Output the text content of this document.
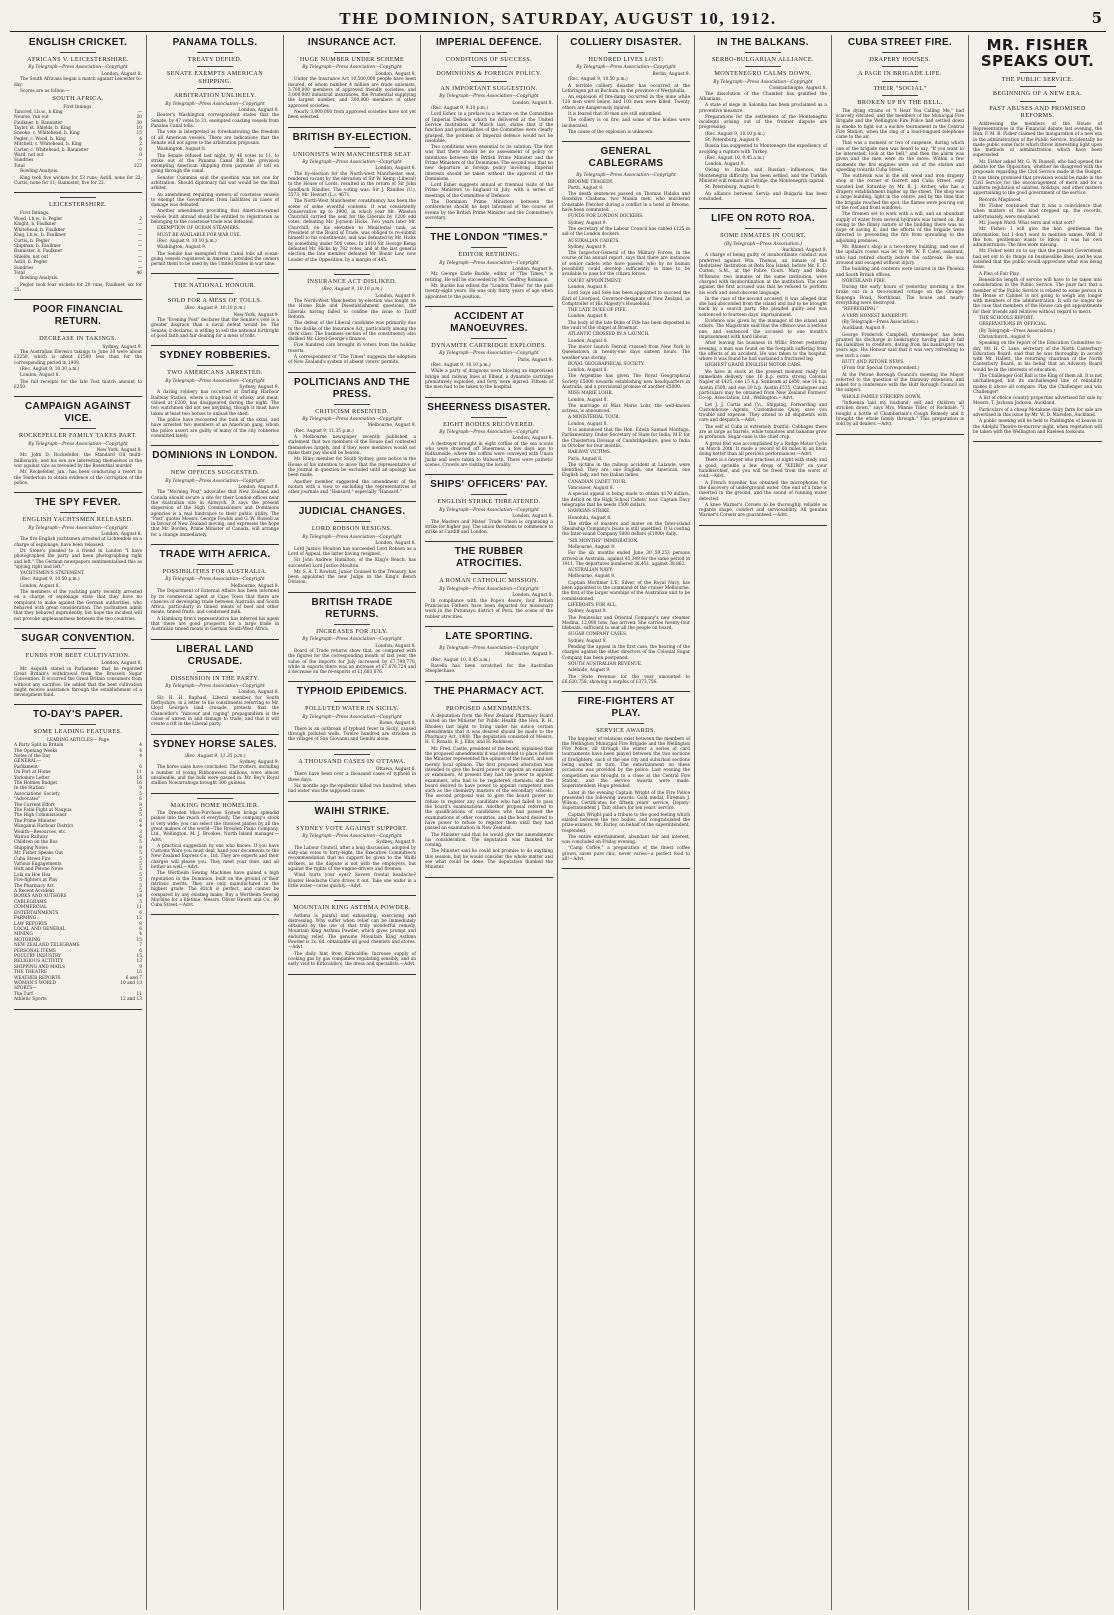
THE DOMINION, SATURDAY, AUGUST 10, 1912.	5
ENGLISH CRICKET.
AFRICANS V. LEICESTERSHIRE.
By Telegraph—Press Association—Copyright
London, August 8.

The South Africans began a match against Leicester to-day.

Scores are as follow:—

SOUTH AFRICA.
First Innings.
Tancred, l.b.w., b King	—
Nourse, run out	20
Faulkner, b. Bannister	30
Taylor, st. Shields, b. King	10
Snooke, c. Whitehead, b. King	15
Pegler, c. Wood, b. King	4
Mitchell, c. Whitehead, b. King	2
Carter, c. Whitehead, b. Bannister	0
Ward, not out	0
Sundries	—
Total	123

Bowling Analysis.

King took five wickets for 53 runs; Astill, none for 22; Curtis, none for 11; Bannister, five for 22.

LEICESTERSHIRE.

First Innings.

Wood, l.b.w., b. Pegler	2
Knight, b. Faulkner	—
Whitehead, b. Faulkner	—
King, l.b.w., b. Faulkner	—
Curtis, b. Pegler	—
Shipman, b. Faulkner	—
Bannister, b. Faulkner	—
Shields, not out	—
Astill, b. Pegler	—
Sundries	—
Total	46

Bowling Analysis.

Pegler took four wickets for 20 runs; Faulkner, six for 25.

POOR FINANCIAL RETURN.
DECREASE IN TAKINGS.
Sydney, August 9.

The Australian Eleven's takings to June 30 were about £3250, which is about £1500 less than for the corresponding period in 1909.

(Rec. August 9, 10.30 a.m.)

London, August 8.

The full receipts for the late Test match amount to £250.

CAMPAIGN AGAINST VICE.
ROCKEFELLER FAMILY TAKES PART.
By Telegraph—Press Association—Copyright
New York, August 8.

Mr. John D. Rockefeller, the Standard Oil multi-millionaire, and his son are interesting themselves in the war against vice as revealed by the Rosenthal murder.

Mr. Rockefeller, jun., has been conducting a resort in the Tenderloin to obtain evidence of the corruption of the police.

THE SPY FEVER.
ENGLISH YACHTSMEN RELEASED.
By Telegraph—Press Association—Copyright
London, August 8.

The five English yachtsmen arrested at Lichtenfels on a charge of espionage, have been released.

Dr. Stone's pleaded to a friend in London "I have photographed the party and been photographing right and left." The German newspapers sentimentalised this as "spying right and left."

YACHTSMEN'S STATEMENT.

(Rec. August 9, 10.50 p.m.)

London, August 8.

The members of the yachting party recently arrested on a charge of espionage state that they have no complaint to make against the German authorities, who behaved with great consideration. The yachtsmen admit that they behaved imprudently, but hope the incident will not provoke unpleasantness between the two countries.

SUGAR CONVENTION.
FUNDS FOR BEET CULTIVATION.
London, August 8.

Mr. Asquith stated in Parliament that he regarded Great Britain's withdrawal from the Brussels Sugar Convention. It occurred the Great Britain consumers from without any sacrifice. He added that the beet cultivation might receive assistance through the establishment of a development fund.

TO-DAY'S PAPER.
SOME LEADING FEATURES.
LEADING ARTICLES— Page
A Party Split in Britain	4
The Opening Weeks	4
Notes of the Day	4
GENERAL—
Parliament	6
On Port at Home	11
Yorkshire Letter	14
The Holmes Budget	16
In the Station	9
Associations' Society	5
"Advocates"	6
The Current Effort	8
The Fatal Fight at Naupua	5
The High Commissioner	5
The Prime Minister	6
Wanganui Harbour District	4
Wealth—Resources, etc.	3
Wairau Railway	6
Children on the Bus	5
Shipping Notes	9
Mr. Fisher Speaks Out	5
Cuba Street Fire	5
Various Engagements	5
Hutt and Petone News	5
Lola on Hoe Hoa	5
Fire-fighters at Play	5
The Pharmacy Act	5
A Recent Accident	5
BOOKS AND AUTHORS	14
CABLEGRAMS	5
COMMERCIAL	11
ENTERTAINMENTS	6
FARMING	12
LAW REPORTS	8
LOCAL AND GENERAL	6
MINING	4
MOTORING	15
NEW ZEALAND TELEGRAMS	7
PERSONAL ITEMS	6
POULTRY INDUSTRY	15
RELIGIOUS ACTIVITY	13
SHIPPING AND MAILS	9
THE THEATRE	15
WEATHER REPORTS	6 and 7
WOMAN'S WORLD	10 and 13
SPORTS—
The Turf	11
Athletic Sports	12 and 13
PANAMA TOLLS.
TREATY DEFIED.
SENATE EXEMPTS AMERICAN SHIPPING.
ARBITRATION UNLIKELY.
By Telegraph—Press Association—Copyright
London, August 8.

Reuter's Washington correspondent states that the Senate, by 47 votes to 31, exempted coasting vessels from Panama Canal tolls.

The vote is interpreted as foreshadowing the freedom of all American vessels. There are indications that the Senate will not agree to the arbitration proposals.

Washington, August 8.

The Senate refused last night, by 46 votes to 11, to strike out of the Panama Canal Bill the provision exempting American shipping from payment of toll on going through the canal.

Senator Cummins said the question was not one for arbitration. Should diplomacy fail war would be the final arbiter.

An amendment requiring owners of coastwise vessels to exempt the Government from liabilities in cases of damage was defeated.

Another amendment providing that American-owned vessels built abroad should be entitled to registration as belonging to the coastwise trade was defeated.

EXEMPTION OF OCEAN STEAMERS.

MUST BE AVAILABLE FOR WAR USE.

(Rec. August 9, 10.10 p.m.)

Washington, August 9.

The Senate has exempted from Canal tolls all ocean-going vessels registered in America, provided the owners permit them to be used by the United States in war time.

THE NATIONAL HONOUR.
SOLD FOR A MESS OF TOLLS.
(Rec. August 9, 10.10 p.m.)
New York, August 9.

The "Evening Post" declares that the Senate's vote is a greater disgrace than a naval defeat would be. The Senate, it declares, is willing to sell the national birthright of good faith and fair dealing for a mess of tolls.

SYDNEY ROBBERIES.
TWO AMERICANS ARRESTED.
By Telegraph—Press Association—Copyright
Sydney, August 9.

A daring robbery has occurred at Darling Harbour Railway Station, where a drug-load of whisky and meat, valued at £200, has disappeared during the night. The two watchmen did not see anything, though it must have taken at least two horses to unload the shed.

The police have recovered the bulk of the skins, and have arrested two members of an American gang, whom the police assert are guilty of many of the city robberies committed lately.

DOMINIONS IN LONDON.
NEW OFFICES SUGGESTED.
By Telegraph—Press Association—Copyright
London, August 8.

The "Morning Post" advocates that New Zealand and Canada should secure a site for their London offices near the Australian site in Aldwych. It says the present dispersion of the High Commissioners and Dominions agencies is a real hindrance to their public utility. The "Post" quotes Messrs. George Fowlds and G. W. Russell as in favour of New Zealand moving, and expresses the hope that Mr. Borden, Prime Minister of Canada, will arrange for a change immediately.

TRADE WITH AFRICA.
POSSIBILITIES FOR AUSTRALIA.
By Telegraph—Press Association—Copyright
Melbourne, August 8.

The Department of External Affairs has been informed by its commercial agent at Cape Town that there are chances of developing trade between Australia and South Africa, particularly in tinned meats of beef and other meats, tinned fruits, and condensed milk.

A Hamburg firm's representative has inferred his agent that there are good prospects for a large trade in Australian tinned meats in German South-West Africa.

LIBERAL LAND CRUSADE.
DISSENSION IN THE PARTY.
By Telegraph—Press Association—Copyright
London, August 8.

Sir. H. H. Raphael, Liberal member for South Derbyshire, in a letter to his constituents referring to Mr. Lloyd George's land crusade, protests that the Chancellor's "rancour and raging" propagandism is the cause of unrest in and damage to trade, and that it will create a rift in the Liberal party.

SYDNEY HORSE SALES.
(Rec. August 9, 11.35 p.m.)
Sydney, August 9.

The horse sales have concluded. The trotters, including a number of young Ribbonwood stallions, were almost unsaleable, and the bulk were passed in. Mr. Boy's Royal stallion Nowarrahoga brought 300 guineas.

MAKING HOME HOMELIER.

The Dresden Miss-Purchase System brings splendid pianos into the reach of everybody. The company's stock is very wide; you can select the choicest pianos by all the great makers of the world—The Dresden Piano Company, Ltd., Wellington. M. J. Brookes, North Island manager.—Advt.

A practical suggestion by one who knows: If you have Customs Ware you must deal, hand your documents to the New Zealand Express Co., Ltd. They are experts and their charges will please you. They meet your time, and all bother as well.—Advt.

The Wertheim Sewing Machines have gained a high reputation in the Dominion, built on the ground of their intrinsic merits. They are only manufactured in the highest grade. The stitch is perfect, and cannot be compared by any existing make. Buy a Wertheim Sewing Machine for a lifetime. Messrs. Oliver Hewitt and Co., 89 Cuba Street.—Advt.

INSURANCE ACT.
HUGE NUMBER UNDER SCHEME
By Telegraph—Press Association—Copyright
London, August 8.

Under the Insurance Act 10,500,000 people have been insured, of whom number 4 million are trade unionists, 3,700,000 members of approved friendly societies, and 3,000,000 industrial insurances, the Prudential supplying the largest number, and 300,000 members of other approved societies.

Nearly 3,000,000 from approved societies have not yet been selected.

BRITISH BY-ELECTION.
UNIONISTS WIN MANCHESTER SEAT
By Telegraph—Press Association—Copyright
London, August 8.

The by-election for the North-west Manchester seat, rendered vacant by the elevation of Sir W. Kemp (Liberal) to the House of Lords, resulted in the return of Sir John Sandbach Randles. The voting was: Sir J. Randles (U.), 5573; Mr. Hewart (L.), 4671.

The North-West Manchester constituency has been the scene of some eventful contests. It was consistently Conservative up to 1906, in which year Mr. Winston Churchill carried the seat for the Liberals by 1200 odd votes, defeating Mr. Joynson Hicks. Two years later Mr. Churchill, on his elevation to Ministerial rank, as President of the Board of Trade, was obliged to re-submit himself to his constituents, and was defeated by Mr. Hicks by something under 500 votes. In 1910 Sir George Kemp defeated Mr. Hicks by 782 votes, and at the last general election the late member defeated Mr. Bonar Law, now Leader of the Opposition, by a margin of 445.

INSURANCE ACT DISLIKED.
(Rec. August 9, 10.10 p.m.)
London, August 9.

The North-West Manchester by-election was fought on the Home Rule and Disestablishment questions, the Liberals having failed to confine the issue to Tariff Reform.

The defeat of the Liberal candidate was primarily due to the dislike of the Insurance Act, particularly among the clerk class. The business section of the constituency also disliked Mr. Lloyd-George's finance.

Five hundred cars brought in voters from the holiday resorts.

A correspondent of "The Times" suggests the adoption of New Zealand's system of absent voters' permits.

POLITICIANS AND THE PRESS.
CRITICISM RESENTED.
By Telegraph—Press Association—Copyright
Melbourne, August 9.

(Rec. August 9, 11.35 p.m.)

A Melbourne newspaper recently published a statement that two members of the House had contested themselves largely, and if they were members would not make their pay should be beaten.

Mr. Riley, member for South Sydney, gave notice in the House of his intention to move that the representative of the journal in question be excluded until an apology has been made.

Another member suggested the amendment of the motion with a view to excluding the representatives of other journals and "Hansard," especially "Hansard."

JUDICIAL CHANGES.
LORD ROBSON RESIGNS.
By Telegraph—Press Association—Copyright
London, August 8.

Lord Justice Moulton has succeeded Lord Robson as a Lord of Appeal, the latter having resigned.

Sir John Andrew Hamilton, of the King's Bench, has succeeded Lord Justice Moulton.

Mr. S. A. T. Rowlatt, Junior Counsel to the Treasury, has been appointed the new Judge in the King's Bench Division.

BRITISH TRADE RETURNS.
INCREASES FOR JULY.
By Telegraph—Press Association—Copyright
London, August 8.

Board of Trade returns show that, as compared with the figures for the corresponding month of last year, the value of the imports for July increased by £7,798,770, while in exports there was an increase of £7,870,724 and a decrease on the re-exports of £1,683,076.

TYPHOID EPIDEMICS.
POLLUTED WATER IN SICILY.
By Telegraph—Press Association—Copyright
Rome, August 8.

There is an outbreak of typhoid fever in Sicily, caused through polluted wells. Twelve hundred are stricken in the villages of San Giovanni and Gemini alone.

A THOUSAND CASES IN OTTAWA.
Ottawa, August 8.

There have been over a thousand cases of typhoid in three days.

Six months ago the epidemic killed two hundred, when bad water was the supposed cause.

WAIHI STRIKE.
SYDNEY VOTE AGAINST SUPPORT.
By Telegraph—Press Association—Copyright
Sydney, August 9.

The Labour Council, after a long discussion, adopted by sixty-one votes to forty-eight, the Executive Committee's recommendation that no support be given to the Waihi strikers, as the dispute is not with the employers, but against the rights of the engine-drivers and firemen.

Wind hurts your eyes? Severe frontal headache? Kloster Headache Cure drives it out. Take one wafer in a little water—cures quickly.—Advt.

MOUNTAIN KING ASTHMA POWDER.

Asthma is painful and exhausting, exercising and distressing. Why suffer when relief can be immediately obtained by the use of that truly wonderful remedy, Mountain King Asthma Powder, which gives prompt and enduring relief. The genuine Mountain King Asthma Powder is 2s. 6d. obtainable all good chemists and stores.—Advt.

The daily hint from Kirkcaldie: Increase supply of cooking gas by gas companies regulating sensibly, and an early visit to Kirkcaldie's, the dress and specialists.—Advt.

IMPERIAL DEFENCE.
CONDITIONS OF SUCCESS.
DOMINIONS & FOREIGN POLICY.
AN IMPORTANT SUGGESTION.
By Telegraph—Press Association—Copyright
London, August 8.

(Rec. August 9, 9.10 p.m.)

Lord Esher, in a preface to a lecture on the Committee of Imperial Defence which he delivered at the United Service Institution in March last, states that if the function and potentialities of the Committee were clearly grasped, the problem of Imperial defence would not be insoluble.

Two conditions were essential to its solution. The first was that there should be no assessment of policy or intentions between the British Prime Minister and the Prime Ministers of the Dominions. The second was that no new departure in foreign policy involving Imperial interests should be taken without the approval of the Dominions.

Lord Esher suggests annual or triennial visits of the Prime Ministers to England in July, with a series of meetings of the Committee of Defence.

The Dominion Prime Ministers between the conferences should be kept informed of the course of events by the British Prime Minister and the Committee's secretary.

THE LONDON "TIMES."
EDITOR RETIRING.
By Telegraph—Press Association—Copyright
London, August 8.

Mr. George Earle Buckle, editor of "The Times," is retiring. He will be succeeded by Mr. Geoffrey Robinson.

Mr. Buckle has edited the "London Times" for the past twenty-eight years. He was only thirty years of age when appointed to the position.

ACCIDENT AT MANOEUVRES.
DYNAMITE CARTRIDGE EXPLODES.
By Telegraph—Press Association—Copyright
Paris, August 9.

(Rec. August 9, 10.10 p.m.)

While a party of dragoons were blowing an improvised bridge and railway lines at Elbeuf, a dynamite cartridge prematurely exploded, and forty were injured. Fifteen of the men had to be taken to the hospital.

SHEERNESS DISASTER.
EIGHT BODIES RECOVERED.
By Telegraph—Press Association—Copyright
London, August 8.

A destroyer brought in eight coffins of the sea scouts who were drowned off Sheerness a few days ago to Ridhamside, where the coffins were conveyed with Union Jacks and were taken to Walworth. There were pathetic scenes. Crowds are visiting the locality.

SHIPS' OFFICERS' PAY.
ENGLISH STRIKE THREATENED.
By Telegraph—Press Association—Copyright
London, August 8.

The Masters and Mates' Trade Union is organising a strike for higher pay. The union threatens to commence to strike at Cardiff and London.

THE RUBBER ATROCITIES.
A ROMAN CATHOLIC MISSION.
By Telegraph—Press Association—Copyright
London, August 8.

In compliance with the Pope's desire, four British Franciscan Fathers have been departed for missionary work in the Putumayo district of Peru, the scene of the rubber atrocities.

LATE SPORTING.
By Telegraph—Press Association—Copyright
Melbourne, August 9.

(Rec. August 10, 0.45 a.m.)

Ravello has been scratched for the Australian Steeplechase.

THE PHARMACY ACT.
PROPOSED AMENDMENTS.

A deputation from the New Zealand Pharmacy Board waited on the Minister for Public Health (the Hon. R. H. Rhodes) last night to bring under his notice certain amendments that it was desired should be made to the Pharmacy Act, 1908. The deputation consisted of Messrs. H. T. Ronald, R. J. Ellis, and H. Robinson.

Mr. Fred. Castle, president of the board, explained that the proposed amendments it was intended to place before the Minister represented the opinion of the board, and not merely local opinion. The first proposed alteration was intended to give the board power to appoint an examiner or examiners. At present they had the power to appoint examiners, who had to be registered chemists, and the board desired to have power to appoint competent men such as the chemistry masters of the secondary schools. The second proposal was to give the board power to refuse to register any candidate who had failed to pass the board's examinations. Another proposal referred to the qualifications of candidates who had passed the examinations of other countries, and the board desired to have power to refuse to register them until they had passed an examination in New Zealand.

The Minister said that he would give the amendments his consideration. The deputation was thanked for coming.

The Minister said he could not promise to do anything this session, but he would consider the whole matter and see what could be done. The deputation thanked the Minister.

COLLIERY DISASTER.
HUNDRED LIVES LOST.
By Telegraph—Press Association—Copyright
Berlin, August 9.

(Rec. August 9, 10.50 p.m.)

A terrible colliery disaster has occurred at the Lothringen pit at Bochum, in the province of Westphalia.

An explosion of fire-damp occurred in the mine while 120 men were below, and 103 men were killed. Twenty others are dangerously injured.

It is feared that 30 men are still entombed.

The colliery is on fire, and some of the bodies were incinerated.

The cause of the explosion is unknown.

GENERAL CABLEGRAMS
By Telegraph—Press Association—Copyright

BROOME TRAGEDY.

Perth, August 9.

The death sentences passed on Thomas Hidaka and Gonokiyo Chabana, two Manila men, who murdered Constable Fletcher during a conflict in a hotel at Broome, have been commuted.

FUNDS FOR LONDON DOCKERS.

Sydney, August 9.

The secretary of the Labour Council has cabled £125 in aid of the London dockers.

AUSTRALIAN CADETS.

Sydney, August 9.

The Inspector-General of the Military Forces, in the course of his annual report, says that there are instances of senior cadets who have passed, who by no human possibility could develop sufficiently in time to be available to pass for the citizen forces.

COURT APPOINTMENT.

London, August 8.

Lord Saye and Sele has been appointed to succeed the Earl of Liverpool, Governor-designate of New Zealand, as Comptroller of His Majesty's Household.

THE LATE DUKE OF FIFE.

London, August 8.

The body of the late Duke of Fife has been deposited in the vault of the chapel at Braemar.

ATLANTIC CROSSED IN A LAUNCH.

London, August 8.

The motor launch Detroit crossed from New York to Queenstown in twenty-one days sixteen hours. The weather was stormy.

ROYAL GEOGRAPHICAL SOCIETY.

London, August 8.

The Argentine has given The Royal Geographical Society £5000 towards establishing new headquarters in Australia, and a provisional promise of another £5000.

MISS MARIE LOHR.

London, August 8.

The marriage of Miss Marie Lohr, the well-known actress, is announced.

A MINISTERIAL TOUR.

London, August 8.

It is announced that the Hon. Edwin Samuel Montagu, Parliamentary Under-Secretary of State for India, M.P. for the Chesterton Division of Cambridgeshire, goes to India in October for four months.

RAILWAY VICTIMS.

Paris, August 8.

The victims in the railway accident at Lalande, were identified. They are, one English, one American, one English lady, and two Italian ladies.

CANADIAN CADET TOUR.

Vancouver, August 8.

A special appeal is being made to obtain $170 dollars, the deficit on the High School Cadets' tour. Captain Davy telegraphs that he needs 1500 dollars.

HAWKIAN STRIKE.

Honolulu, August 8.

The strike of masters and mates on the Inter-island Steamship Company's boats is still unsettled. It is costing the Inter-island Company 5000 dollars (£1000) daily.

"SIX MONTHS" IMMIGRATION.

Melbourne, August 9.

For the six months ended June 30 59,253 persons arrived in Australia, against 45,349 for the same period in 1911. The departures numbered 36,451, against 38,862.

AUSTRALIAN NAVY.

Melbourne, August 9.

Captain Mortimer L'E. Silver, of the Royal Navy, has been appointed to the command of the cruiser Melbourne, the first of the larger warships of the Australian unit to be commissioned.

LIFEBOATS FOR ALL.

Sydney, August 9.

The Peninsular and Oriental Company's new steamer Medina, 12,000 tons, has arrived. She carries twenty-four lifeboats, sufficient to seat all the people on board.

SUGAR COMPANY CASES.

Sydney, August 9.

Pending the appeal in the first case, the hearing of the charges against the other directors of the Colonial Sugar Company has been postponed.

SOUTH AUSTRALIAN REVENUE.

Adelaide, August 9.

The State revenue for the year amounted to £6,630,758, showing a surplus of £373,756.

FIRE-FIGHTERS AT PLAY.
SERVICE AWARDS.

The happiest of relations exist between the members of the Wellington Municipal Fire Brigade and the Wellington Fire Police, all through the winter a series of card tournaments have been played between the two sections of firefighters, each of the one city and suburban sections being united in turn. The entertainment on these occasions was provided by the police. Last evening the competition was brought to a close at the Central Fire Station, and the service awards were made. Superintendent Hugo presided.

Later in the evening Captain Wright of the Fire Police presented the following awards: Gold medal, Fireman J. Wilson; Certificates for fifteen years' service, Deputy-Superintendent J. Tait; others for ten years' service.

Captain Wright paid a tribute to the good feeling which existed between the two bodies, and congratulated the prize-winners. Mr. Farley, on behalf of the superintendent, responded.

The entire entertainment, abundant fair and interest, was concluded on Friday evening.

"Camp Coffee," a preparation of the finest coffee grown, saves pure chic, never varies—a perfect food to all!—Advt.

IN THE BALKANS.
SERBO-BULGARIAN ALLIANCE.
MONTENEGRO CALMS DOWN.
By Telegraph—Press Association—Copyright
Constantinople, August 8.

The dissolution of the Chamber has gratified the Albanians.

A state of siege in Salonika has been proclaimed as a preventive measure.

Preparations for the settlement of the Montenegrin incidents arising out of the frontier dispute are progressing.

(Rec. August 9, 10.10 p.m.)

St. Petersburg, August 9.

Russia has suggested to Montenegro the expediency of avoiding a rupture with Turkey.

(Rec. August 10, 0.45 a.m.)

London, August 9.

Owing to Italian and Russian influences, the Montenegrin difficulty has been settled, and the Turkish Minister will remain at Cettinje, the Montenegrin capital.

St. Petersburg, August 9.

An alliance between Servia and Bulgaria has been concluded.

LIFE ON ROTO ROA.
SOME INMATES IN COURT.
(By Telegraph—Press Association.)
Auckland, August 9.

A charge of being guilty of insubordinate conduct was preferred against Wm. Thomas, an inmate of the Inebriates' Institution at Roto Roa Island, before Mr. E. C. Cutten, S.M., at the Police Court. Mary and Bella M'Kenzie, two inmates of the same institution, were charged with insubordination at the institution. The case against the first accused was that he refused to perform his work and used obscene language.

In the case of the second accused, it was alleged that she had absconded from the island and had to be brought back by a search party. She pleaded guilty and was sentenced to fourteen days' imprisonment.

Evidence was given by the manager of the island and others. The Magistrate said that the offence was a serious one, and sentenced the accused to one month's imprisonment with hard labour.

After leaving his business in Willis Street yesterday evening, a man was found on the footpath suffering from the effects of an accident. He was taken to the hospital, where it was found he had sustained a fractured leg.

HIGHEST GRADE ENGLISH MOTOR CARS.

We have in stock at the present moment ready for immediate delivery one 16 h.p. extra strong Colonial Napier at £425, one 15 h.p. Sunbeam at £450, one 16 h.p. Austin £500, and one 20 h.p. Austin £575. Catalogues and particulars may be obtained from New Zealand Farmers' Co-op. Association, Ltd., Wellington.—Advt.

Let J. J. Curtis and Co., Shipping, Forwarding and Customhouse Agents, Customhouse Quay, save you trouble and expense. They attend to all shipments with care and despatch.—Advt.

The self of Cuba is extremely fruitful. Cabbages there are as large as barrels, while tomatoes and bananas grow in profusion. Sugar-cane is the chief crop.

A great feat was accomplished by a Rudge Motor Cycle on March 20th. It made a record of 60 miles in an hour, doing better than all previous performances.—Advt.

There is a lawyer who practises at night with study and a good, sprinkle a few drops of "KEIRO" on your handkerchief, and you will be freed from the worst of cold.—Advt.

A French traveller has obtained the microphones for the discovery of underground water. One end of a tube is inserted in the ground, and the sound of running water detected.

A knee Warner's Corsets to be thoroughly reliable as regards shape, comfort and serviceability. All genuine Warner's Corsets are guaranteed.—Advt.

CUBA STREET FIRE.
DRAPERY HOUSES.
A PAGE IN BRIGADE LIFE.
THEIR "SOCIAL"
BROKEN UP BY THE BELL.

The dying strains of "I Hear You Calling Me," had scarcely vibrated, and the members of the Municipal Fire Brigade and the Wellington Fire Police had settled down in smoke to fight out a euchre tournament in the Central Fire Station, when the ring of a loud-tongued telephone came to the air.

That was a moment or two of suspense, during which one of the brigade men was heard to say, "If you want to be interested, look at the bell," and then the alarm was given and the men were on the move. Within a few moments the fire engines were out of the station and speeding towards Cuba Street.

The outbreak was in the old wood and iron drapery shop at the corner of Garrett and Cuba Street, only vacated last Saturday by Mr. R. J. Archer, who has a drapery establishment higher up the street. The shop was a large building, light in the centre, and by the time that the brigade reached the spot, the flames were pouring out of the roof and front windows.

The firemen set to work with a will, and an abundant supply of water from several hydrants was turned on. But owing to the flimsy nature of the building there was no hope of saving it, and the efforts of the brigade were directed to preventing the fire from spreading to the adjoining premises.

Mr. Rhines's shop is a two-storey building, and one of the upstairs rooms was let to Mr. W. P. Cater, assistant, who had retired shortly before the outbreak. He was aroused and escaped without injury.

The building and contents were insured in the Phoenix and South British offices.

NORTHLAND FIRE.

During the early hours of yesterday morning a fire broke out in a two-roomed cottage on the Orange-Kopanga Road, Northland. The house and nearly everything were destroyed.

"REFRESHING."

A VERY HONEST BANKRUPT.

(By Telegraph—Press Association.)

Auckland, August 9.

George Frederick Campbell, storekeeper, has been granted his discharge in bankruptcy, having paid in full his liabilities to creditors, dating from his bankruptcy ten years ago. His Honour said that it was very refreshing to see such a case.

HUTT AND PETONE NEWS.

(From Our Special Correspondent.)

At the Petone Borough Council's meeting the Mayor referred to the question of the tramway extension, and asked for a conference with the Hutt Borough Council on the subject.

WHOLE FAMILY STRICKEN DOWN.

"Influenza laid my husband, self and children all stricken down," says Mrs. Minnie Tiller, of Rockdale. "I bought a bottle of Chamberlain's Cough Remedy and it brought the whole family through." This preparation is sold by all dealers.—Advt.

MR. FISHER SPEAKS OUT.
THE PUBLIC SERVICE.
BEGINNING OF A NEW ERA.
PAST ABUSES AND PROMISED REFORMS.

Addressing the members of the House of Representatives in the Financial debate last evening, the Hon. F. M. B. Fisher claimed the inauguration of a new era in the administration of the Public Service. Incidentally he made public some facts which throw interesting light upon the methods of administration which have been superseded.

Mr. Fisher asked Mr. G. W. Russell, who had opened the debate for the Opposition, whether he disagreed with the proposals regarding the Civil Service made in the Budget. It was there promised that provision would be made in the Civil Service for the encouragement of merit and for a uniform regulation of salaries, holidays, and other matters appertaining to the good government of the service.

Records Misplaced.

Mr. Fisher continued that it was a coincidence that when matters of this kind cropped up, the records, unfortunately, were misplaced.

Mr. Joseph Ward: What term and what sort?

Mr. Fisher: I will give the hon. gentleman the information, but I don't want to mention names. Well, if the hon. gentleman wants to know, it was his own administration. The files were missing.

Mr. Fisher went on to say that the present Government had set out to do things on businesslike lines, and he was satisfied that the public would appreciate what was being done.

A Plea of Fair Play.

Benedictio length of service will have to be taken into consideration in the Public Service. The pure fact that a member of the Public Service is related to some person in the House or Cabinet is not going to weigh any longer with members of the administration. It will no longer be the case that members of the House can get appointments for their friends and relatives without regard to merit.

THE SCHOOLS REPORT.

OBSERVATIONS BY OFFICIAL.

(By Telegraph—Press Association.)

Christchurch, August 9.

Speaking on the report of the Education Committee to-day, Mr. H. C. Lane, secretary of the North Canterbury Education Board, said that he was thoroughly in accord with Mr. Hallett, the returning chairman of the North Canterbury Board, in his belief that an Advisory Board would be in the interests of education.

The Challenger Golf Ball is the King of them all. It is not unchallenged, but its unchallenged line of reliability makes it above all compare. Play the Challenger and win Challenger!

A list of choice country properties advertised for sale by Messrs. T. Jackson Jackson, Auckland.

Particulars of a cheap Motakane dairy farm for sale are advertised in this issue by Mr. W. D. Marsden, Auckland.

A public meeting will be held to Paddington of Leaves in the Adelphi Theatre to-morrow night, when vegetation will be taken with the Wellington and Raeleen lookouts.
